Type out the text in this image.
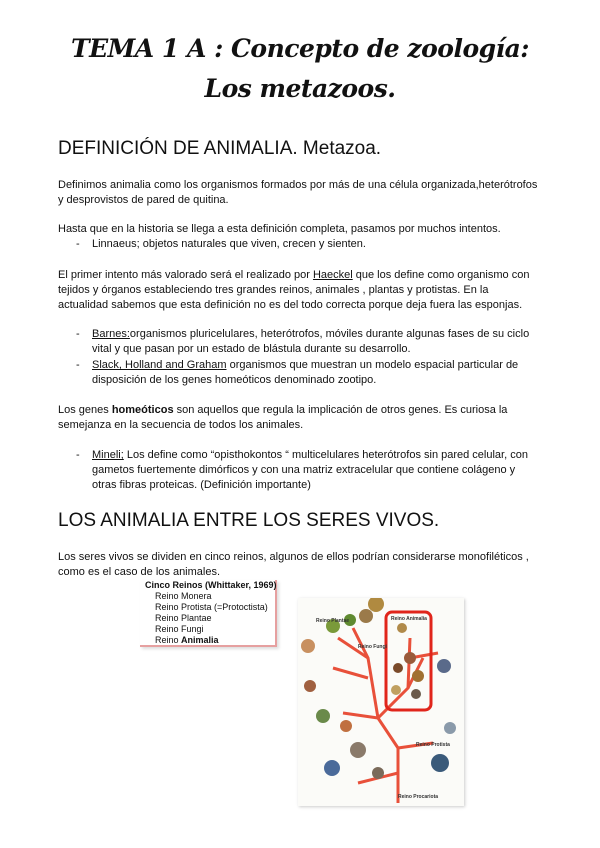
TEMA 1 A : Concepto de zoología:
Los metazoos.
DEFINICIÓN DE ANIMALIA. Metazoa.
Definimos animalia como los organismos formados por más de una célula organizada,heterótrofos
y desprovistos de pared de quitina.
Hasta que en la historia se llega a esta definición completa, pasamos por muchos intentos.
- Linnaeus; objetos naturales que viven, crecen y sienten.
El primer intento más valorado será el realizado por Haeckel que los define como organismo con
tejidos y órganos estableciendo tres grandes reinos, animales , plantas y protistas. En la
actualidad sabemos que esta definición no es del todo correcta porque deja fuera las esponjas.
- Barnes:organismos pluricelulares, heterótrofos, móviles durante algunas fases de su ciclo
vital y que pasan por un estado de blástula durante su desarrollo.
- Slack, Holland and Graham organismos que muestran un modelo espacial particular de
disposición de los genes homeóticos denominado zootipo.
Los genes homeóticos son aquellos que regula la implicación de otros genes. Es curiosa la
semejanza en la secuencia de todos los animales.
- Mineli; Los define como “opisthokontos “ multicelulares heterótrofos sin pared celular, con
gametos fuertemente dimórficos y con una matriz extracelular que contiene colágeno y
otras fibras proteicas. (Definición importante)
LOS ANIMALIA ENTRE LOS SERES VIVOS.
Los seres vivos se dividen en cinco reinos, algunos de ellos podrían considerarse monofiléticos ,
como es el caso de los animales.
Cinco Reinos (Whittaker, 1969)
Reino Monera
Reino Protista (=Protoctista)
Reino Plantae
Reino Fungi
Reino Animalia
Reino Plantae	Reino Animalia
Reino Fungi
Reino Protista
Reino Procariota
